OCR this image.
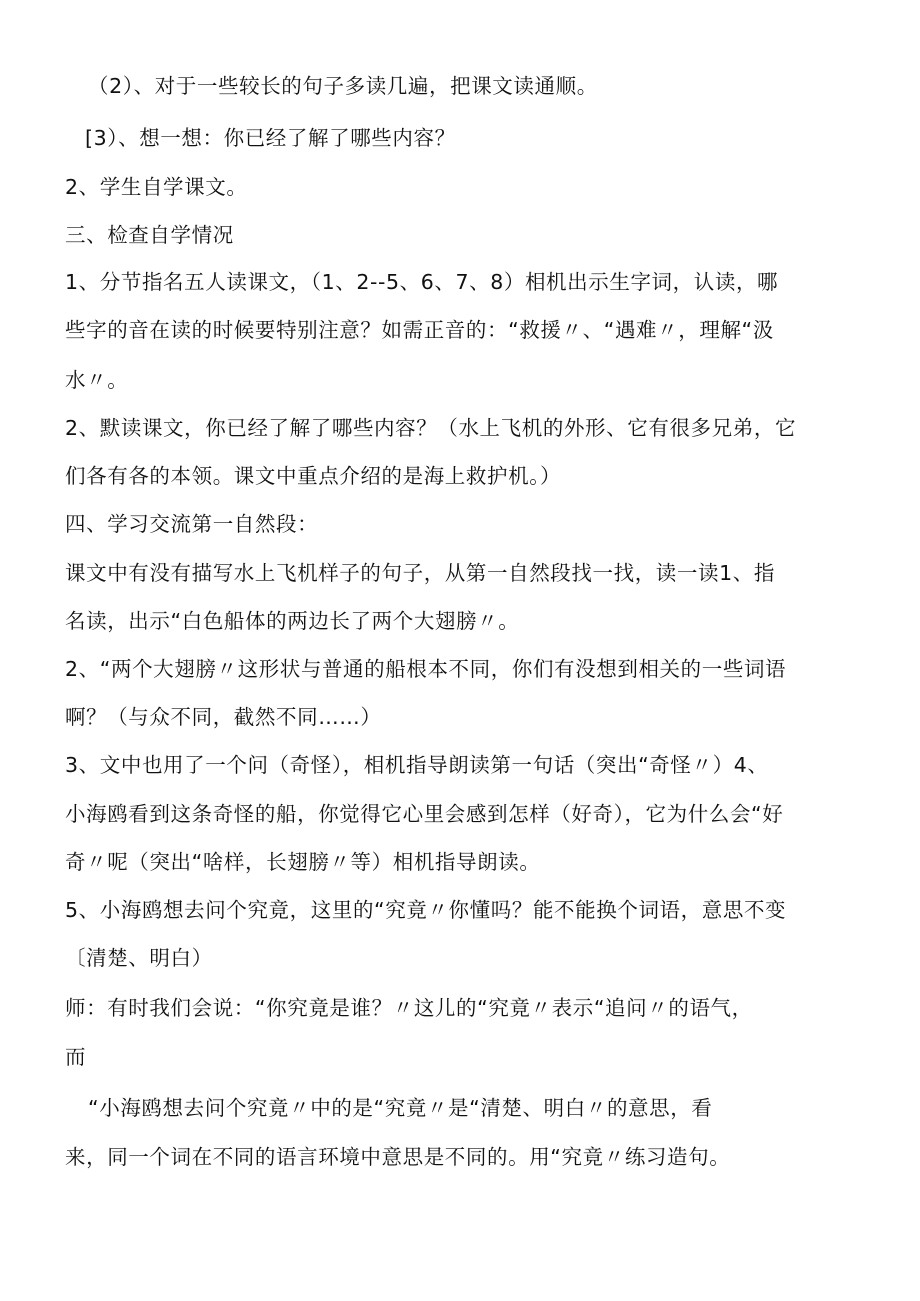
（2）、对于一些较长的句子多读几遍，把课文读通顺。
[3）、想一想：你已经了解了哪些内容？
2、学生自学课文。
三、检查自学情况
1、分节指名五人读课文，（1、2--5、6、7、8）相机出示生字词，认读，哪
些字的音在读的时候要特别注意？如需正音的：“救援〃、“遇难〃，理解“汲
水〃。
2、默读课文，你已经了解了哪些内容？（水上飞机的外形、它有很多兄弟，它
们各有各的本领。课文中重点介绍的是海上救护机。）
四、学习交流第一自然段：
课文中有没有描写水上飞机样子的句子，从第一自然段找一找，读一读1、指
名读，出示“白色船体的两边长了两个大翅膀〃。
2、“两个大翅膀〃这形状与普通的船根本不同，你们有没想到相关的一些词语
啊？（与众不同，截然不同……）
3、文中也用了一个问（奇怪），相机指导朗读第一句话（突出“奇怪〃）4、
小海鸥看到这条奇怪的船，你觉得它心里会感到怎样（好奇），它为什么会“好
奇〃呢（突出“啥样，长翅膀〃等）相机指导朗读。
5、小海鸥想去问个究竟，这里的“究竟〃你懂吗？能不能换个词语，意思不变
〔清楚、明白）
师：有时我们会说：“你究竟是谁？〃这儿的“究竟〃表示“追问〃的语气，
而
“小海鸥想去问个究竟〃中的是“究竟〃是“清楚、明白〃的意思，看
来，同一个词在不同的语言环境中意思是不同的。用“究竟〃练习造句。
